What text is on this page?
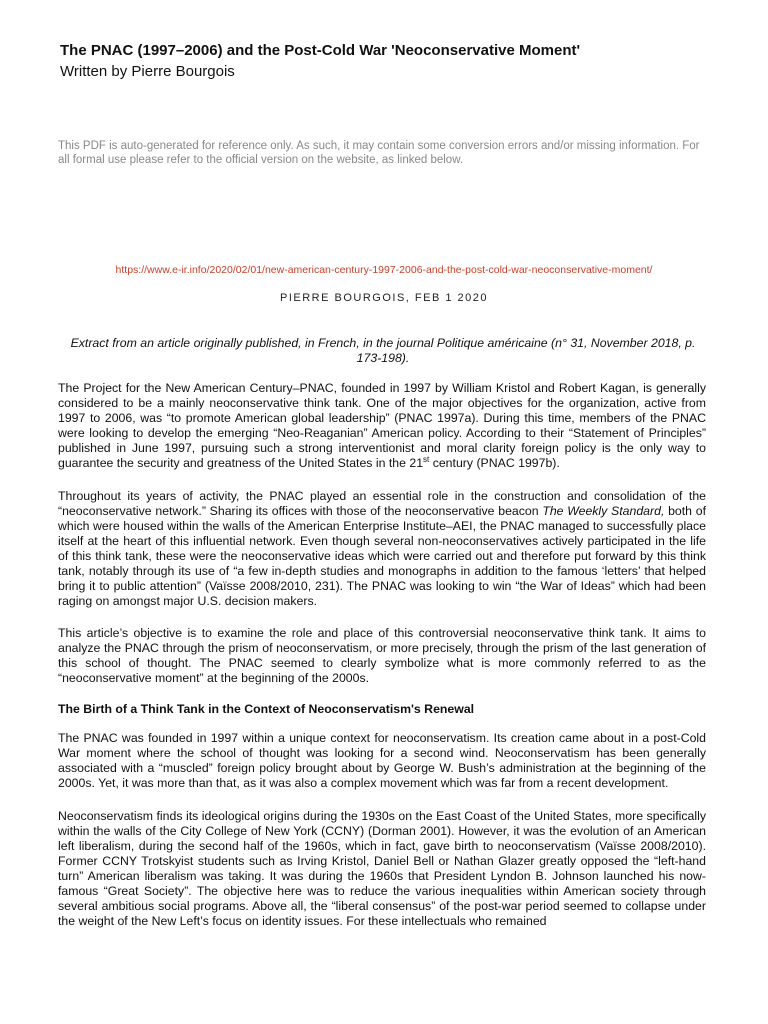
The PNAC (1997–2006) and the Post-Cold War 'Neoconservative Moment'
Written by Pierre Bourgois
This PDF is auto-generated for reference only. As such, it may contain some conversion errors and/or missing information. For all formal use please refer to the official version on the website, as linked below.
https://www.e-ir.info/2020/02/01/new-american-century-1997-2006-and-the-post-cold-war-neoconservative-moment/
PIERRE BOURGOIS, FEB 1 2020
Extract from an article originally published, in French, in the journal Politique américaine (n° 31, November 2018, p. 173-198).
The Project for the New American Century–PNAC, founded in 1997 by William Kristol and Robert Kagan, is generally considered to be a mainly neoconservative think tank. One of the major objectives for the organization, active from 1997 to 2006, was “to promote American global leadership” (PNAC 1997a). During this time, members of the PNAC were looking to develop the emerging “Neo-Reaganian” American policy. According to their “Statement of Principles” published in June 1997, pursuing such a strong interventionist and moral clarity foreign policy is the only way to guarantee the security and greatness of the United States in the 21st century (PNAC 1997b).
Throughout its years of activity, the PNAC played an essential role in the construction and consolidation of the “neoconservative network.” Sharing its offices with those of the neoconservative beacon The Weekly Standard, both of which were housed within the walls of the American Enterprise Institute–AEI, the PNAC managed to successfully place itself at the heart of this influential network. Even though several non-neoconservatives actively participated in the life of this think tank, these were the neoconservative ideas which were carried out and therefore put forward by this think tank, notably through its use of “a few in-depth studies and monographs in addition to the famous ‘letters’ that helped bring it to public attention” (Vaïsse 2008/2010, 231). The PNAC was looking to win “the War of Ideas” which had been raging on amongst major U.S. decision makers.
This article’s objective is to examine the role and place of this controversial neoconservative think tank. It aims to analyze the PNAC through the prism of neoconservatism, or more precisely, through the prism of the last generation of this school of thought. The PNAC seemed to clearly symbolize what is more commonly referred to as the “neoconservative moment” at the beginning of the 2000s.
The Birth of a Think Tank in the Context of Neoconservatism's Renewal
The PNAC was founded in 1997 within a unique context for neoconservatism. Its creation came about in a post-Cold War moment where the school of thought was looking for a second wind. Neoconservatism has been generally associated with a “muscled” foreign policy brought about by George W. Bush’s administration at the beginning of the 2000s. Yet, it was more than that, as it was also a complex movement which was far from a recent development.
Neoconservatism finds its ideological origins during the 1930s on the East Coast of the United States, more specifically within the walls of the City College of New York (CCNY) (Dorman 2001). However, it was the evolution of an American left liberalism, during the second half of the 1960s, which in fact, gave birth to neoconservatism (Vaïsse 2008/2010). Former CCNY Trotskyist students such as Irving Kristol, Daniel Bell or Nathan Glazer greatly opposed the “left-hand turn” American liberalism was taking. It was during the 1960s that President Lyndon B. Johnson launched his now-famous “Great Society”. The objective here was to reduce the various inequalities within American society through several ambitious social programs. Above all, the “liberal consensus” of the post-war period seemed to collapse under the weight of the New Left’s focus on identity issues. For these intellectuals who remained
